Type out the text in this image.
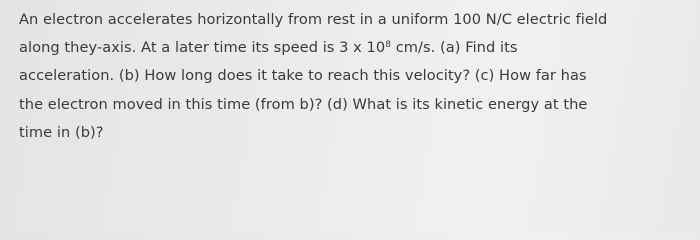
An electron accelerates horizontally from rest in a uniform 100 N/C electric field
along they-axis. At a later time its speed is 3 x $10^8$ cm/s. (a) Find its
acceleration. (b) How long does it take to reach this velocity? (c) How far has
the electron moved in this time (from b)? (d) What is its kinetic energy at the
time in (b)?
